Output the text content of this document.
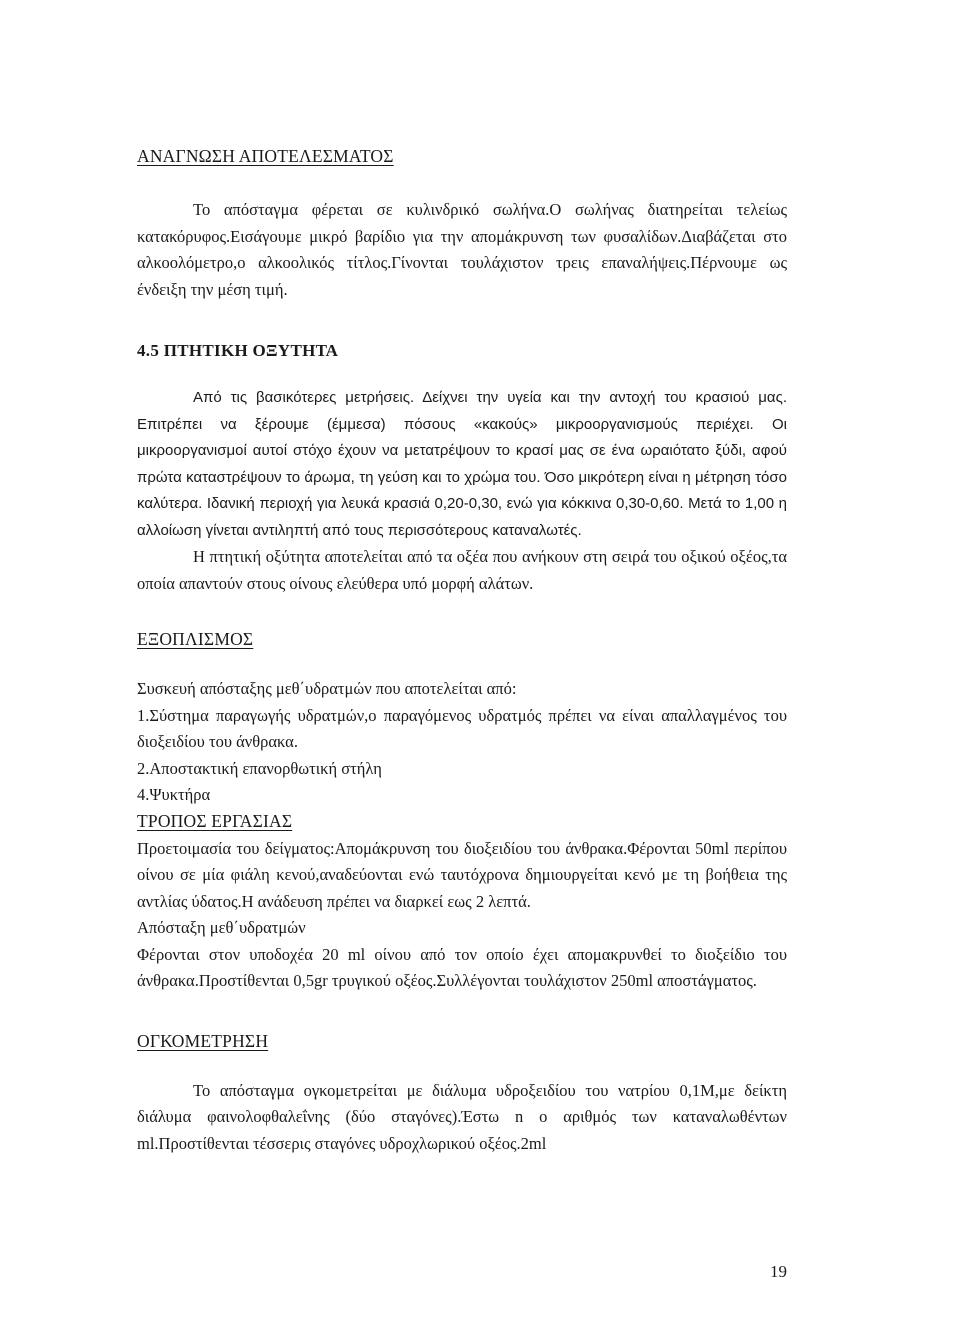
ΑΝΑΓΝΩΣΗ ΑΠΟΤΕΛΕΣΜΑΤΟΣ

Το απόσταγμα φέρεται σε κυλινδρικό σωλήνα.Ο σωλήνας διατηρείται τελείως κατακόρυφος.Εισάγουμε μικρό βαρίδιο για την απομάκρυνση των φυσαλίδων.Διαβάζεται στο αλκοολόμετρο,ο αλκοολικός τίτλος.Γίνονται τουλάχιστον τρεις επαναλήψεις.Πέρνουμε ως ένδειξη την μέση τιμή.

4.5 ΠΤΗΤΙΚΗ ΟΞΥΤΗΤΑ

Από τις βασικότερες μετρήσεις. Δείχνει την υγεία και την αντοχή του κρασιού μας. Επιτρέπει να ξέρουμε (έμμεσα) πόσους «κακούς» μικροοργανισμούς περιέχει. Οι μικροοργανισμοί αυτοί στόχο έχουν να μετατρέψουν το κρασί μας σε ένα ωραιότατο ξύδι, αφού πρώτα καταστρέψουν το άρωμα, τη γεύση και το χρώμα του. Όσο μικρότερη είναι η μέτρηση τόσο καλύτερα. Ιδανική περιοχή για λευκά κρασιά 0,20-0,30, ενώ για κόκκινα 0,30-0,60. Μετά το 1,00 η αλλοίωση γίνεται αντιληπτή από τους περισσότερους καταναλωτές.

Η πτητική οξύτητα αποτελείται από τα οξέα που ανήκουν στη σειρά του οξικού οξέος,τα οποία απαντούν στους οίνους ελεύθερα υπό μορφή αλάτων.

ΕΞΟΠΛΙΣΜΟΣ

Συσκευή απόσταξης μεθ΄υδρατμών που αποτελείται από:

1.Σύστημα παραγωγής υδρατμών,ο παραγόμενος υδρατμός πρέπει να είναι απαλλαγμένος του διοξειδίου του άνθρακα.

2.Αποστακτική επανορθωτική στήλη

4.Ψυκτήρα

ΤΡΟΠΟΣ ΕΡΓΑΣΙΑΣ

Προετοιμασία του δείγματος:Απομάκρυνση του διοξειδίου του άνθρακα.Φέρονται 50ml περίπου οίνου σε μία φιάλη κενού,αναδεύονται ενώ ταυτόχρονα δημιουργείται κενό με τη βοήθεια της αντλίας ύδατος.Η ανάδευση πρέπει να διαρκεί εως 2 λεπτά.

Απόσταξη μεθ΄υδρατμών

Φέρονται στον υποδοχέα 20 ml οίνου από τον οποίο έχει απομακρυνθεί το διοξείδιο του άνθρακα.Προστίθενται 0,5gr τρυγικού οξέος.Συλλέγονται τουλάχιστον 250ml αποστάγματος.

ΟΓΚΟΜΕΤΡΗΣΗ

Το απόσταγμα ογκομετρείται με διάλυμα υδροξειδίου του νατρίου 0,1Μ,με δείκτη διάλυμα φαινολοφθαλεΐνης (δύο σταγόνες).Έστω n ο αριθμός των καταναλωθέντων ml.Προστίθενται τέσσερις σταγόνες υδροχλωρικού οξέος.2ml

19
